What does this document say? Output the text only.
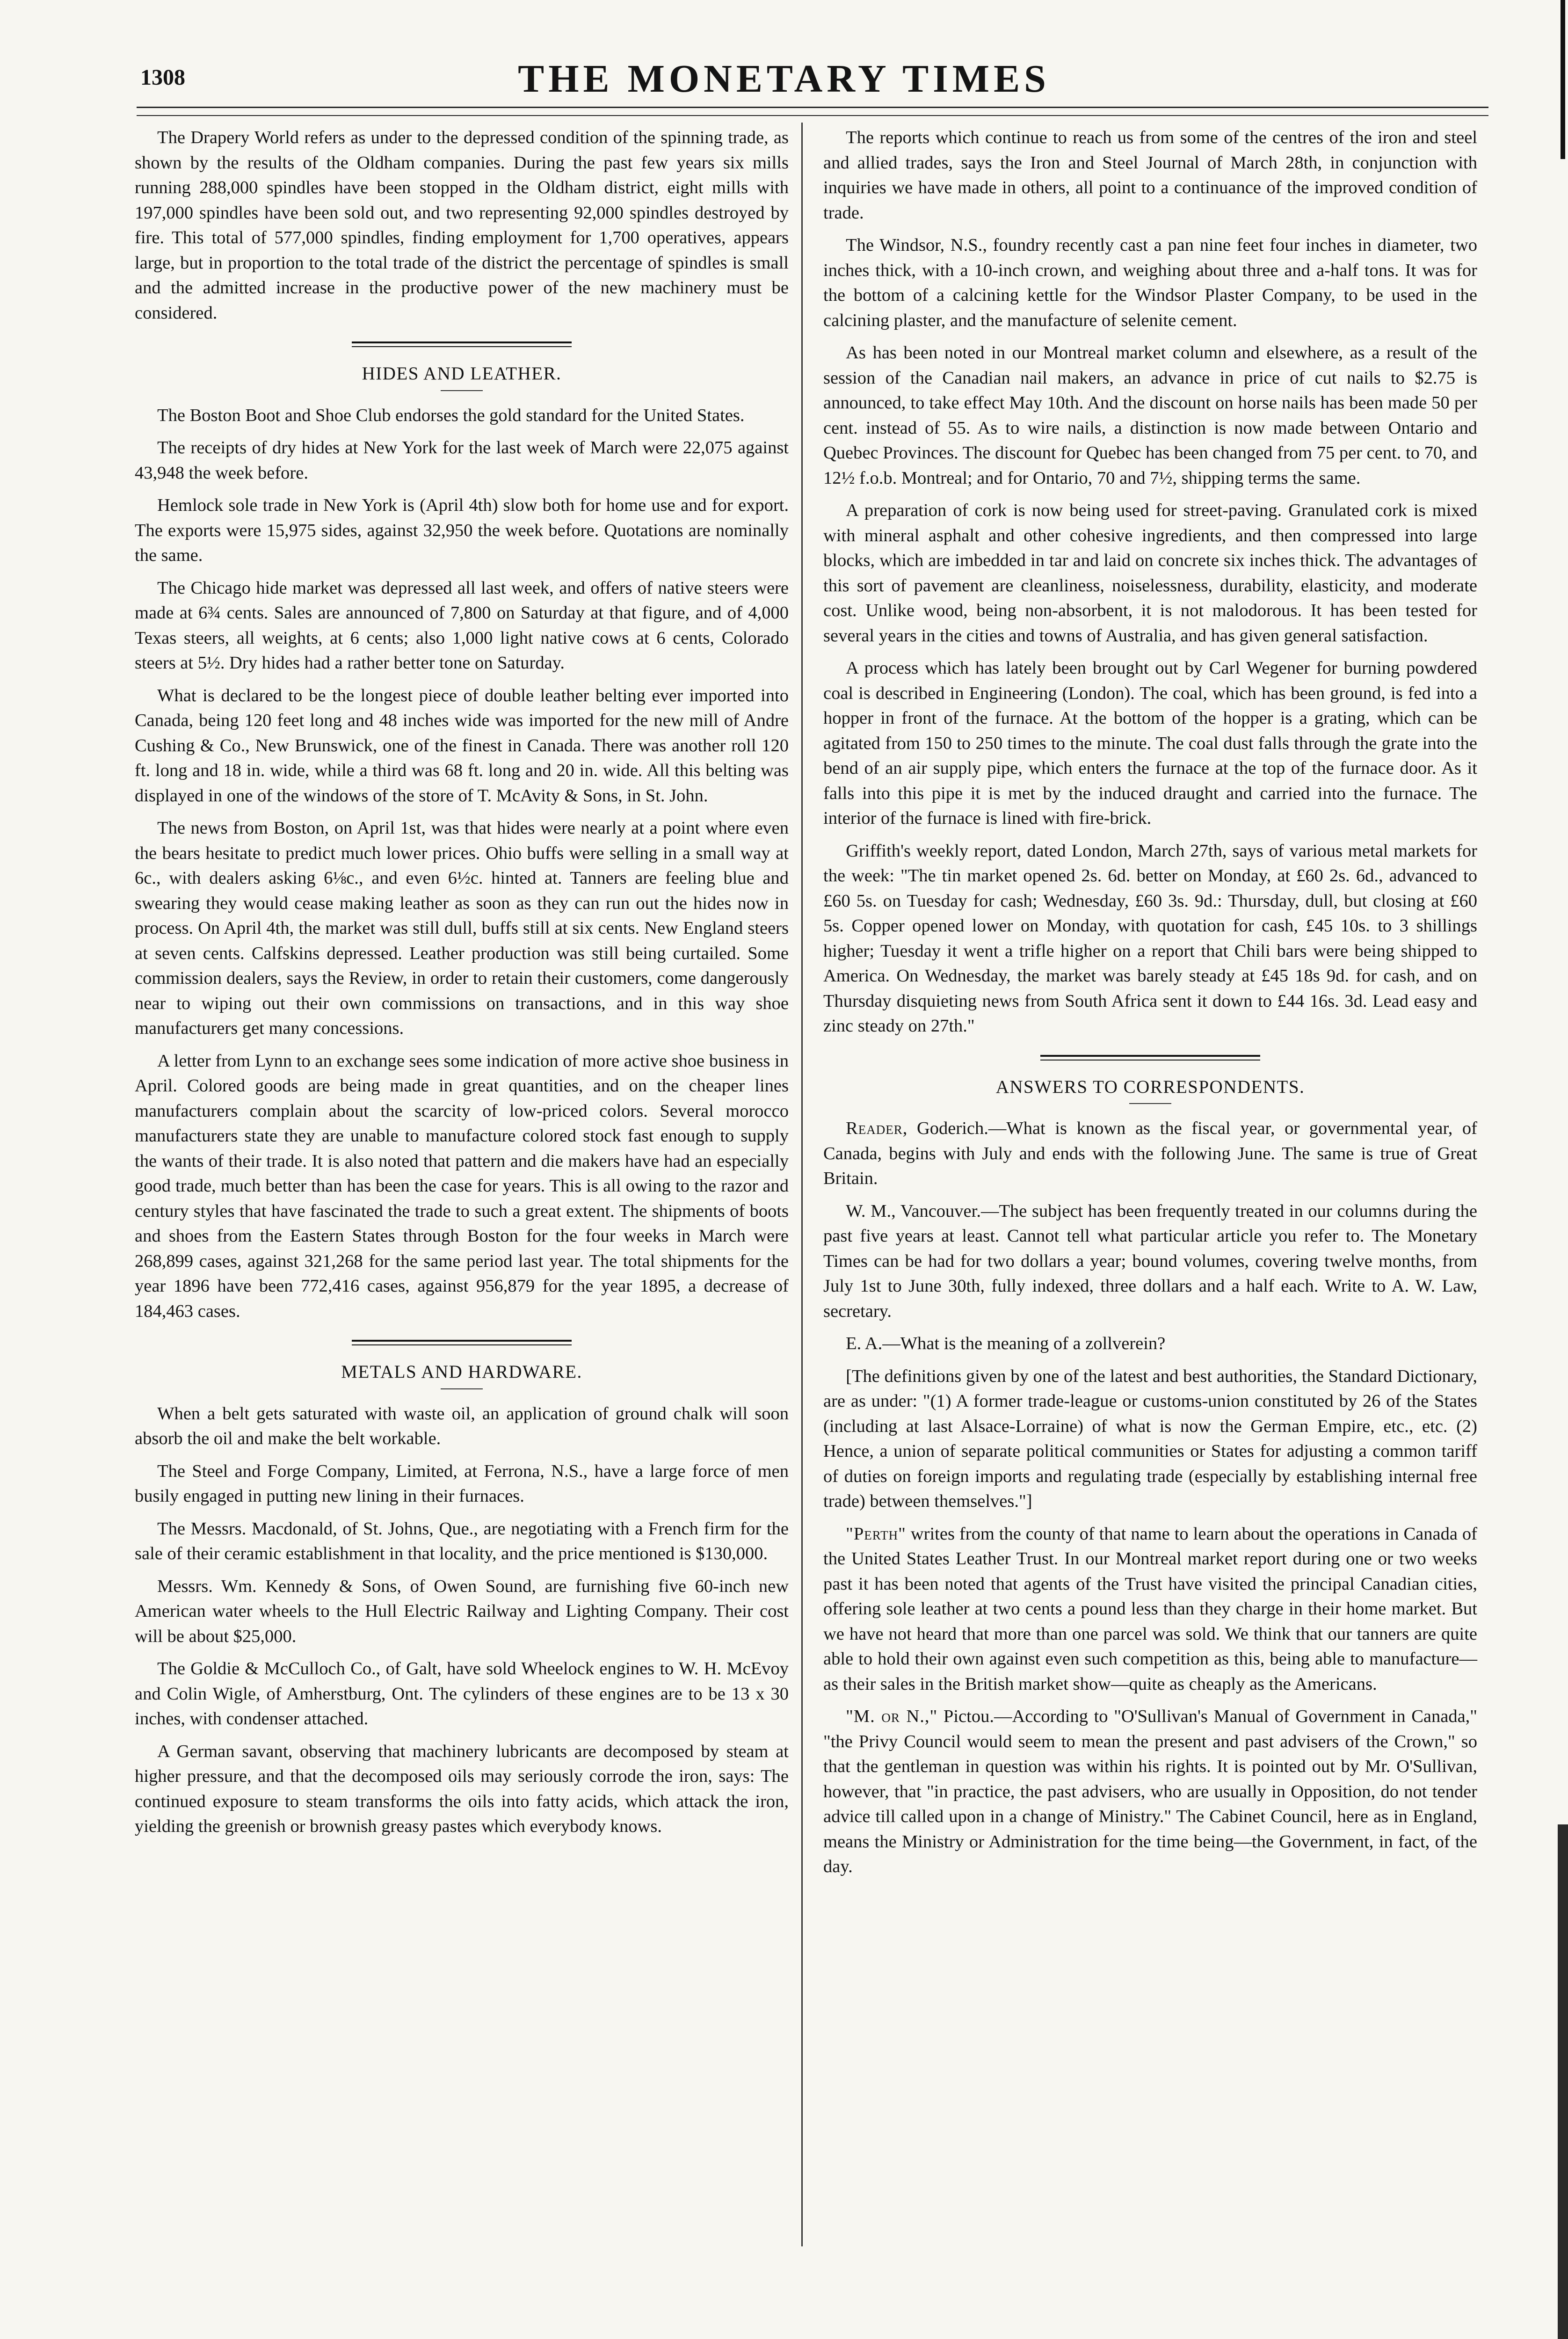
1308	THE MONETARY TIMES

The Drapery World refers as under to the depressed condition of the spinning trade, as shown by the results of the Oldham companies. During the past few years six mills running 288,000 spindles have been stopped in the Oldham district, eight mills with 197,000 spindles have been sold out, and two representing 92,000 spindles destroyed by fire. This total of 577,000 spindles, finding employment for 1,700 operatives, appears large, but in proportion to the total trade of the district the percentage of spindles is small and the admitted increase in the productive power of the new machinery must be considered.

HIDES AND LEATHER.

The Boston Boot and Shoe Club endorses the gold standard for the United States.

The receipts of dry hides at New York for the last week of March were 22,075 against 43,948 the week before.

Hemlock sole trade in New York is (April 4th) slow both for home use and for export. The exports were 15,975 sides, against 32,950 the week before. Quotations are nominally the same.

The Chicago hide market was depressed all last week, and offers of native steers were made at 6¾ cents. Sales are announced of 7,800 on Saturday at that figure, and of 4,000 Texas steers, all weights, at 6 cents; also 1,000 light native cows at 6 cents, Colorado steers at 5½. Dry hides had a rather better tone on Saturday.

What is declared to be the longest piece of double leather belting ever imported into Canada, being 120 feet long and 48 inches wide was imported for the new mill of Andre Cushing & Co., New Brunswick, one of the finest in Canada. There was another roll 120 ft. long and 18 in. wide, while a third was 68 ft. long and 20 in. wide. All this belting was displayed in one of the windows of the store of T. McAvity & Sons, in St. John.

The news from Boston, on April 1st, was that hides were nearly at a point where even the bears hesitate to predict much lower prices. Ohio buffs were selling in a small way at 6c., with dealers asking 6⅛c., and even 6½c. hinted at. Tanners are feeling blue and swearing they would cease making leather as soon as they can run out the hides now in process. On April 4th, the market was still dull, buffs still at six cents. New England steers at seven cents. Calfskins depressed. Leather production was still being curtailed. Some commission dealers, says the Review, in order to retain their customers, come dangerously near to wiping out their own commissions on transactions, and in this way shoe manufacturers get many concessions.

A letter from Lynn to an exchange sees some indication of more active shoe business in April. Colored goods are being made in great quantities, and on the cheaper lines manufacturers complain about the scarcity of low-priced colors. Several morocco manufacturers state they are unable to manufacture colored stock fast enough to supply the wants of their trade. It is also noted that pattern and die makers have had an especially good trade, much better than has been the case for years. This is all owing to the razor and century styles that have fascinated the trade to such a great extent. The shipments of boots and shoes from the Eastern States through Boston for the four weeks in March were 268,899 cases, against 321,268 for the same period last year. The total shipments for the year 1896 have been 772,416 cases, against 956,879 for the year 1895, a decrease of 184,463 cases.

METALS AND HARDWARE.

When a belt gets saturated with waste oil, an application of ground chalk will soon absorb the oil and make the belt workable.

The Steel and Forge Company, Limited, at Ferrona, N.S., have a large force of men busily engaged in putting new lining in their furnaces.

The Messrs. Macdonald, of St. Johns, Que., are negotiating with a French firm for the sale of their ceramic establishment in that locality, and the price mentioned is $130,000.

Messrs. Wm. Kennedy & Sons, of Owen Sound, are furnishing five 60-inch new American water wheels to the Hull Electric Railway and Lighting Company. Their cost will be about $25,000.

The Goldie & McCulloch Co., of Galt, have sold Wheelock engines to W. H. McEvoy and Colin Wigle, of Amherstburg, Ont. The cylinders of these engines are to be 13 x 30 inches, with condenser attached.

A German savant, observing that machinery lubricants are decomposed by steam at higher pressure, and that the decomposed oils may seriously corrode the iron, says: The continued exposure to steam transforms the oils into fatty acids, which attack the iron, yielding the greenish or brownish greasy pastes which everybody knows.

The reports which continue to reach us from some of the centres of the iron and steel and allied trades, says the Iron and Steel Journal of March 28th, in conjunction with inquiries we have made in others, all point to a continuance of the improved condition of trade.

The Windsor, N.S., foundry recently cast a pan nine feet four inches in diameter, two inches thick, with a 10-inch crown, and weighing about three and a-half tons. It was for the bottom of a calcining kettle for the Windsor Plaster Company, to be used in the calcining plaster, and the manufacture of selenite cement.

As has been noted in our Montreal market column and elsewhere, as a result of the session of the Canadian nail makers, an advance in price of cut nails to $2.75 is announced, to take effect May 10th. And the discount on horse nails has been made 50 per cent. instead of 55. As to wire nails, a distinction is now made between Ontario and Quebec Provinces. The discount for Quebec has been changed from 75 per cent. to 70, and 12½ f.o.b. Montreal; and for Ontario, 70 and 7½, shipping terms the same.

A preparation of cork is now being used for street-paving. Granulated cork is mixed with mineral asphalt and other cohesive ingredients, and then compressed into large blocks, which are imbedded in tar and laid on concrete six inches thick. The advantages of this sort of pavement are cleanliness, noiselessness, durability, elasticity, and moderate cost. Unlike wood, being non-absorbent, it is not malodorous. It has been tested for several years in the cities and towns of Australia, and has given general satisfaction.

A process which has lately been brought out by Carl Wegener for burning powdered coal is described in Engineering (London). The coal, which has been ground, is fed into a hopper in front of the furnace. At the bottom of the hopper is a grating, which can be agitated from 150 to 250 times to the minute. The coal dust falls through the grate into the bend of an air supply pipe, which enters the furnace at the top of the furnace door. As it falls into this pipe it is met by the induced draught and carried into the furnace. The interior of the furnace is lined with fire-brick.

Griffith's weekly report, dated London, March 27th, says of various metal markets for the week: "The tin market opened 2s. 6d. better on Monday, at £60 2s. 6d., advanced to £60 5s. on Tuesday for cash; Wednesday, £60 3s. 9d.: Thursday, dull, but closing at £60 5s. Copper opened lower on Monday, with quotation for cash, £45 10s. to 3 shillings higher; Tuesday it went a trifle higher on a report that Chili bars were being shipped to America. On Wednesday, the market was barely steady at £45 18s 9d. for cash, and on Thursday disquieting news from South Africa sent it down to £44 16s. 3d. Lead easy and zinc steady on 27th."

ANSWERS TO CORRESPONDENTS.

Reader, Goderich.—What is known as the fiscal year, or governmental year, of Canada, begins with July and ends with the following June. The same is true of Great Britain.

W. M., Vancouver.—The subject has been frequently treated in our columns during the past five years at least. Cannot tell what particular article you refer to. The Monetary Times can be had for two dollars a year; bound volumes, covering twelve months, from July 1st to June 30th, fully indexed, three dollars and a half each. Write to A. W. Law, secretary.

E. A.—What is the meaning of a zollverein?

[The definitions given by one of the latest and best authorities, the Standard Dictionary, are as under: "(1) A former trade-league or customs-union constituted by 26 of the States (including at last Alsace-Lorraine) of what is now the German Empire, etc., etc. (2) Hence, a union of separate political communities or States for adjusting a common tariff of duties on foreign imports and regulating trade (especially by establishing internal free trade) between themselves."]

"Perth" writes from the county of that name to learn about the operations in Canada of the United States Leather Trust. In our Montreal market report during one or two weeks past it has been noted that agents of the Trust have visited the principal Canadian cities, offering sole leather at two cents a pound less than they charge in their home market. But we have not heard that more than one parcel was sold. We think that our tanners are quite able to hold their own against even such competition as this, being able to manufacture—as their sales in the British market show—quite as cheaply as the Americans.

"M. or N.," Pictou.—According to "O'Sullivan's Manual of Government in Canada," "the Privy Council would seem to mean the present and past advisers of the Crown," so that the gentleman in question was within his rights. It is pointed out by Mr. O'Sullivan, however, that "in practice, the past advisers, who are usually in Opposition, do not tender advice till called upon in a change of Ministry." The Cabinet Council, here as in England, means the Ministry or Administration for the time being—the Government, in fact, of the day.
